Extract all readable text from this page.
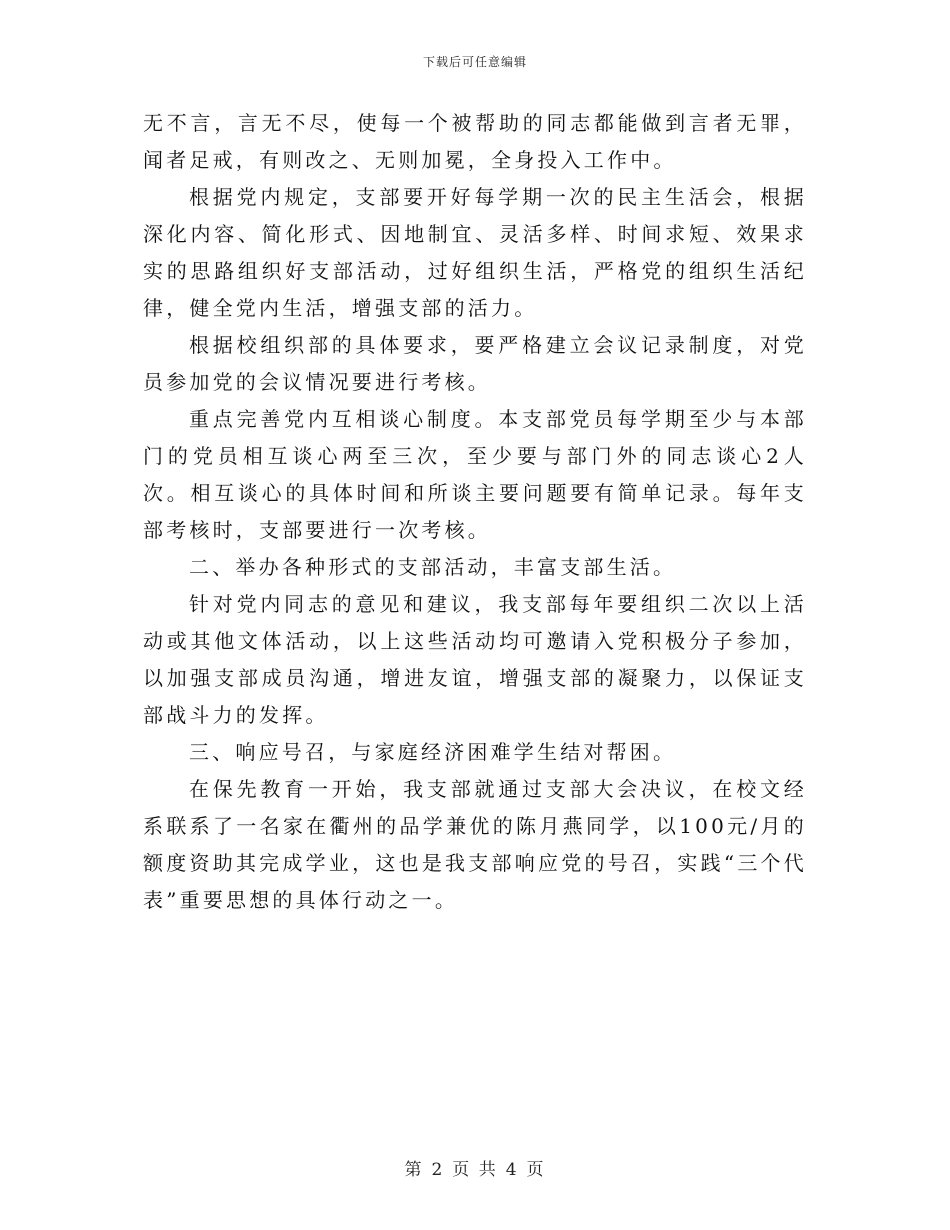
下载后可任意编辑

无不言，言无不尽，使每一个被帮助的同志都能做到言者无罪，闻者足戒，有则改之、无则加冕，全身投入工作中。

根据党内规定，支部要开好每学期一次的民主生活会，根据深化内容、简化形式、因地制宜、灵活多样、时间求短、效果求实的思路组织好支部活动，过好组织生活，严格党的组织生活纪律，健全党内生活，增强支部的活力。

根据校组织部的具体要求，要严格建立会议记录制度，对党员参加党的会议情况要进行考核。

重点完善党内互相谈心制度。本支部党员每学期至少与本部门的党员相互谈心两至三次，至少要与部门外的同志谈心2人次。相互谈心的具体时间和所谈主要问题要有简单记录。每年支部考核时，支部要进行一次考核。

二、举办各种形式的支部活动，丰富支部生活。

针对党内同志的意见和建议，我支部每年要组织二次以上活动或其他文体活动，以上这些活动均可邀请入党积极分子参加，以加强支部成员沟通，增进友谊，增强支部的凝聚力，以保证支部战斗力的发挥。

三、响应号召，与家庭经济困难学生结对帮困。

在保先教育一开始，我支部就通过支部大会决议，在校文经系联系了一名家在衢州的品学兼优的陈月燕同学，以100元/月的额度资助其完成学业，这也是我支部响应党的号召，实践“三个代表”重要思想的具体行动之一。

第 2 页 共 4 页
